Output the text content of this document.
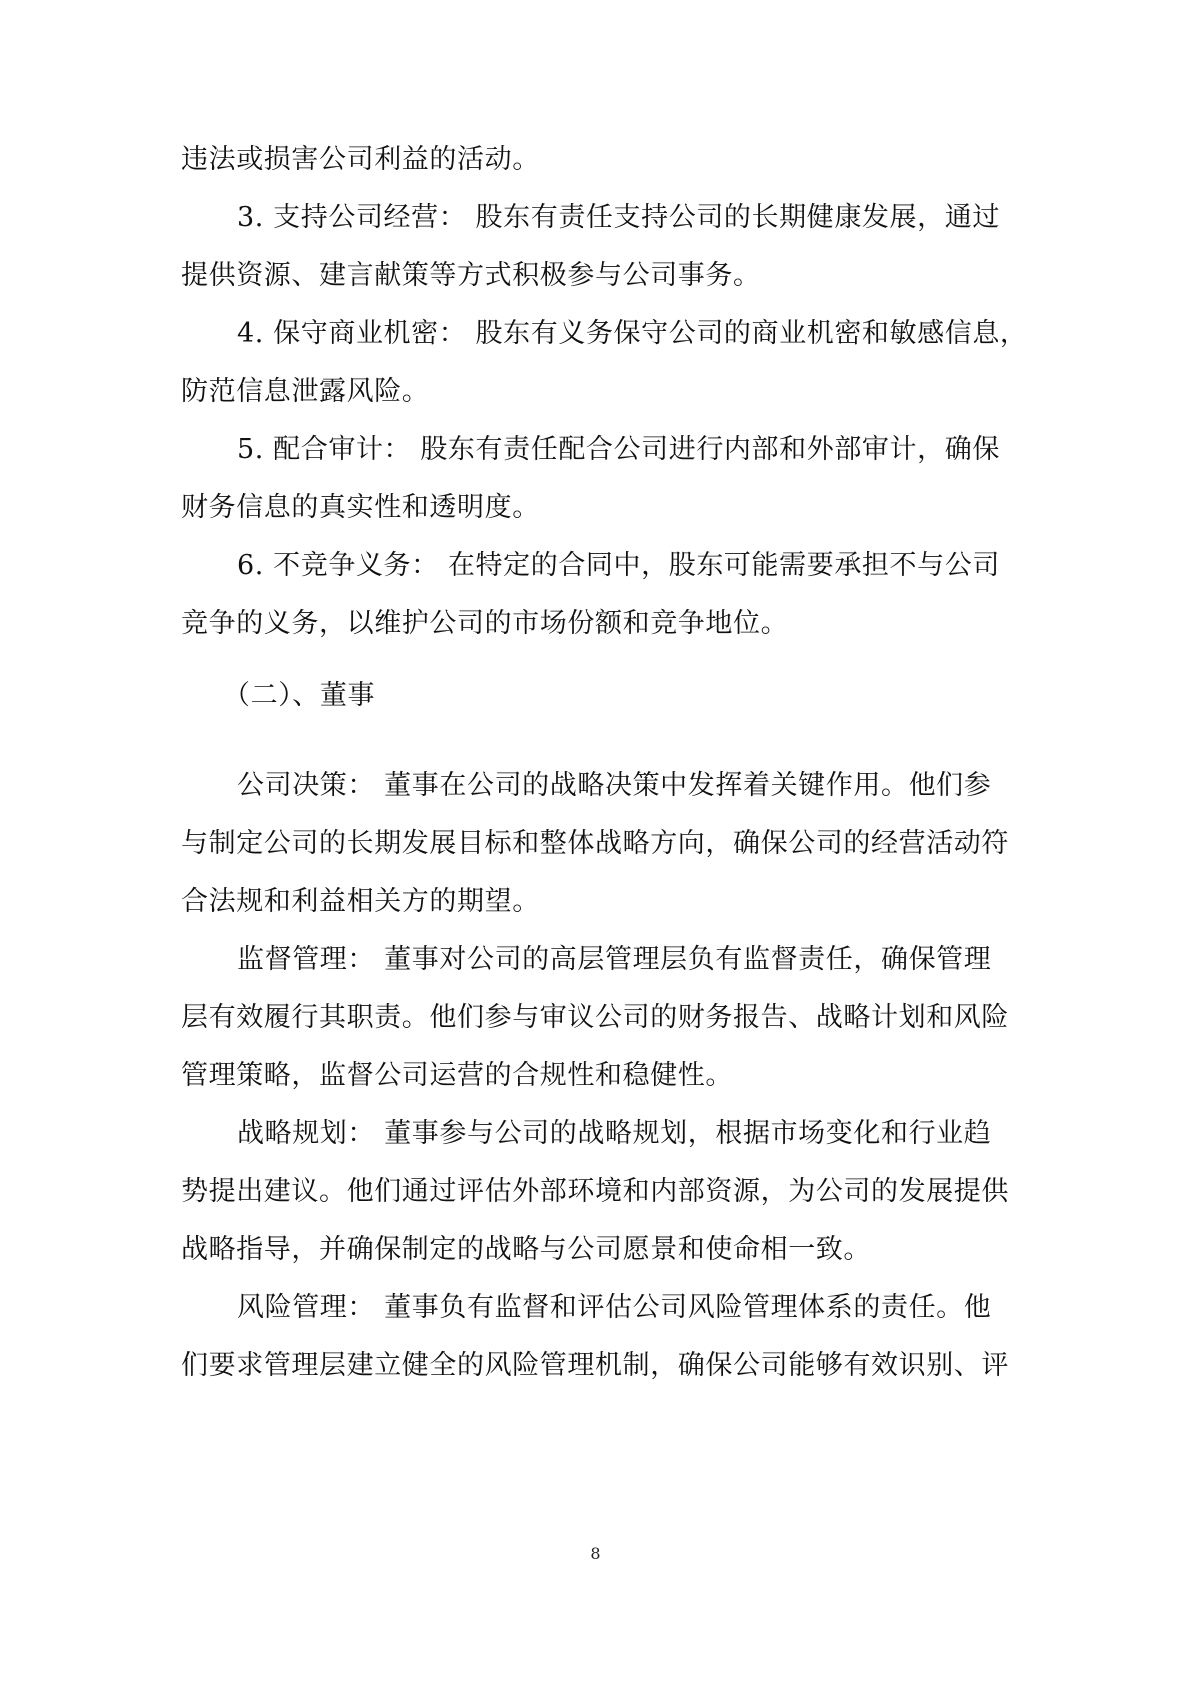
违法或损害公司利益的活动。
3. 支持公司经营： 股东有责任支持公司的长期健康发展，通过
提供资源、建言献策等方式积极参与公司事务。
4. 保守商业机密： 股东有义务保守公司的商业机密和敏感信息，
防范信息泄露风险。
5. 配合审计： 股东有责任配合公司进行内部和外部审计，确保
财务信息的真实性和透明度。
6. 不竞争义务： 在特定的合同中，股东可能需要承担不与公司
竞争的义务，以维护公司的市场份额和竞争地位。
（二）、董事
公司决策： 董事在公司的战略决策中发挥着关键作用。他们参
与制定公司的长期发展目标和整体战略方向，确保公司的经营活动符
合法规和利益相关方的期望。
监督管理： 董事对公司的高层管理层负有监督责任，确保管理
层有效履行其职责。他们参与审议公司的财务报告、战略计划和风险
管理策略，监督公司运营的合规性和稳健性。
战略规划： 董事参与公司的战略规划，根据市场变化和行业趋
势提出建议。他们通过评估外部环境和内部资源，为公司的发展提供
战略指导，并确保制定的战略与公司愿景和使命相一致。
风险管理： 董事负有监督和评估公司风险管理体系的责任。他
们要求管理层建立健全的风险管理机制，确保公司能够有效识别、评
8
